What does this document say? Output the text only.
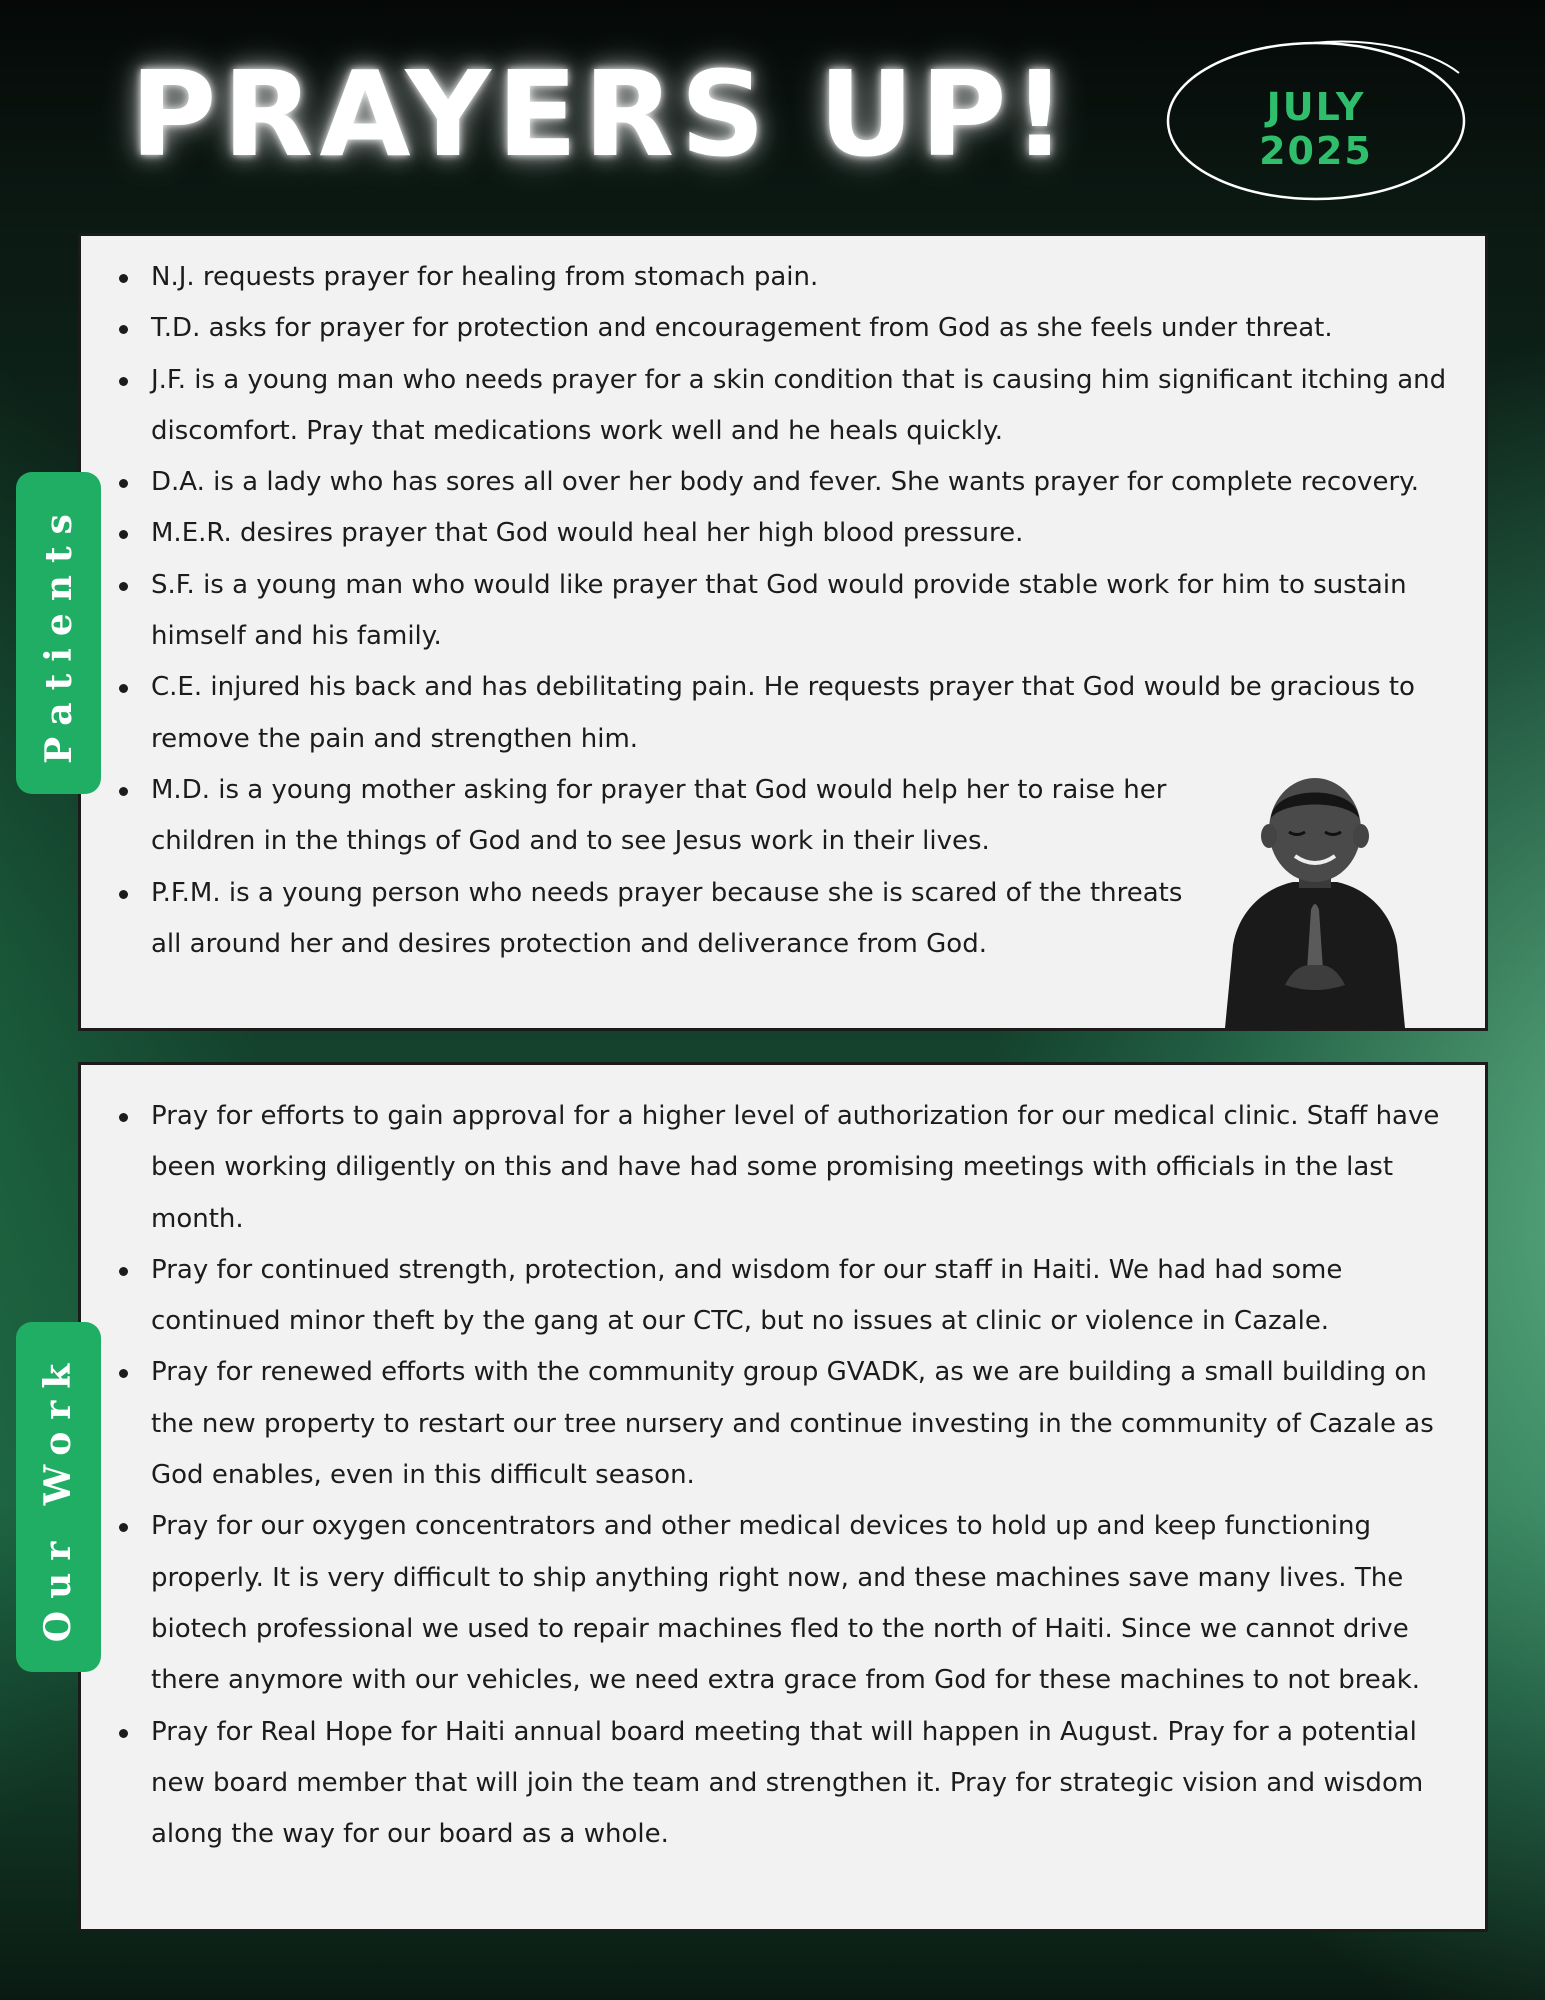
PRAYERS UP!	JULY
2025
N.J. requests prayer for healing from stomach pain.
T.D. asks for prayer for protection and encouragement from God as she feels under threat.
J.F. is a young man who needs prayer for a skin condition that is causing him significant itching and discomfort. Pray that medications work well and he heals quickly.
D.A. is a lady who has sores all over her body and fever. She wants prayer for complete recovery.
M.E.R. desires prayer that God would heal her high blood pressure.
S.F. is a young man who would like prayer that God would provide stable work for him to sustain himself and his family.
C.E. injured his back and has debilitating pain. He requests prayer that God would be gracious to remove the pain and strengthen him.
M.D. is a young mother asking for prayer that God would help her to raise her children in the things of God and to see Jesus work in their lives.
P.F.M. is a young person who needs prayer because she is scared of the threats all around her and desires protection and deliverance from God.
Patients
Pray for efforts to gain approval for a higher level of authorization for our medical clinic. Staff have been working diligently on this and have had some promising meetings with officials in the last month.
Pray for continued strength, protection, and wisdom for our staff in Haiti. We had had some continued minor theft by the gang at our CTC, but no issues at clinic or violence in Cazale.
Pray for renewed efforts with the community group GVADK, as we are building a small building on the new property to restart our tree nursery and continue investing in the community of Cazale as God enables, even in this difficult season.
Pray for our oxygen concentrators and other medical devices to hold up and keep functioning properly. It is very difficult to ship anything right now, and these machines save many lives. The biotech professional we used to repair machines fled to the north of Haiti. Since we cannot drive there anymore with our vehicles, we need extra grace from God for these machines to not break.
Pray for Real Hope for Haiti annual board meeting that will happen in August. Pray for a potential new board member that will join the team and strengthen it. Pray for strategic vision and wisdom along the way for our board as a whole.
Our Work
